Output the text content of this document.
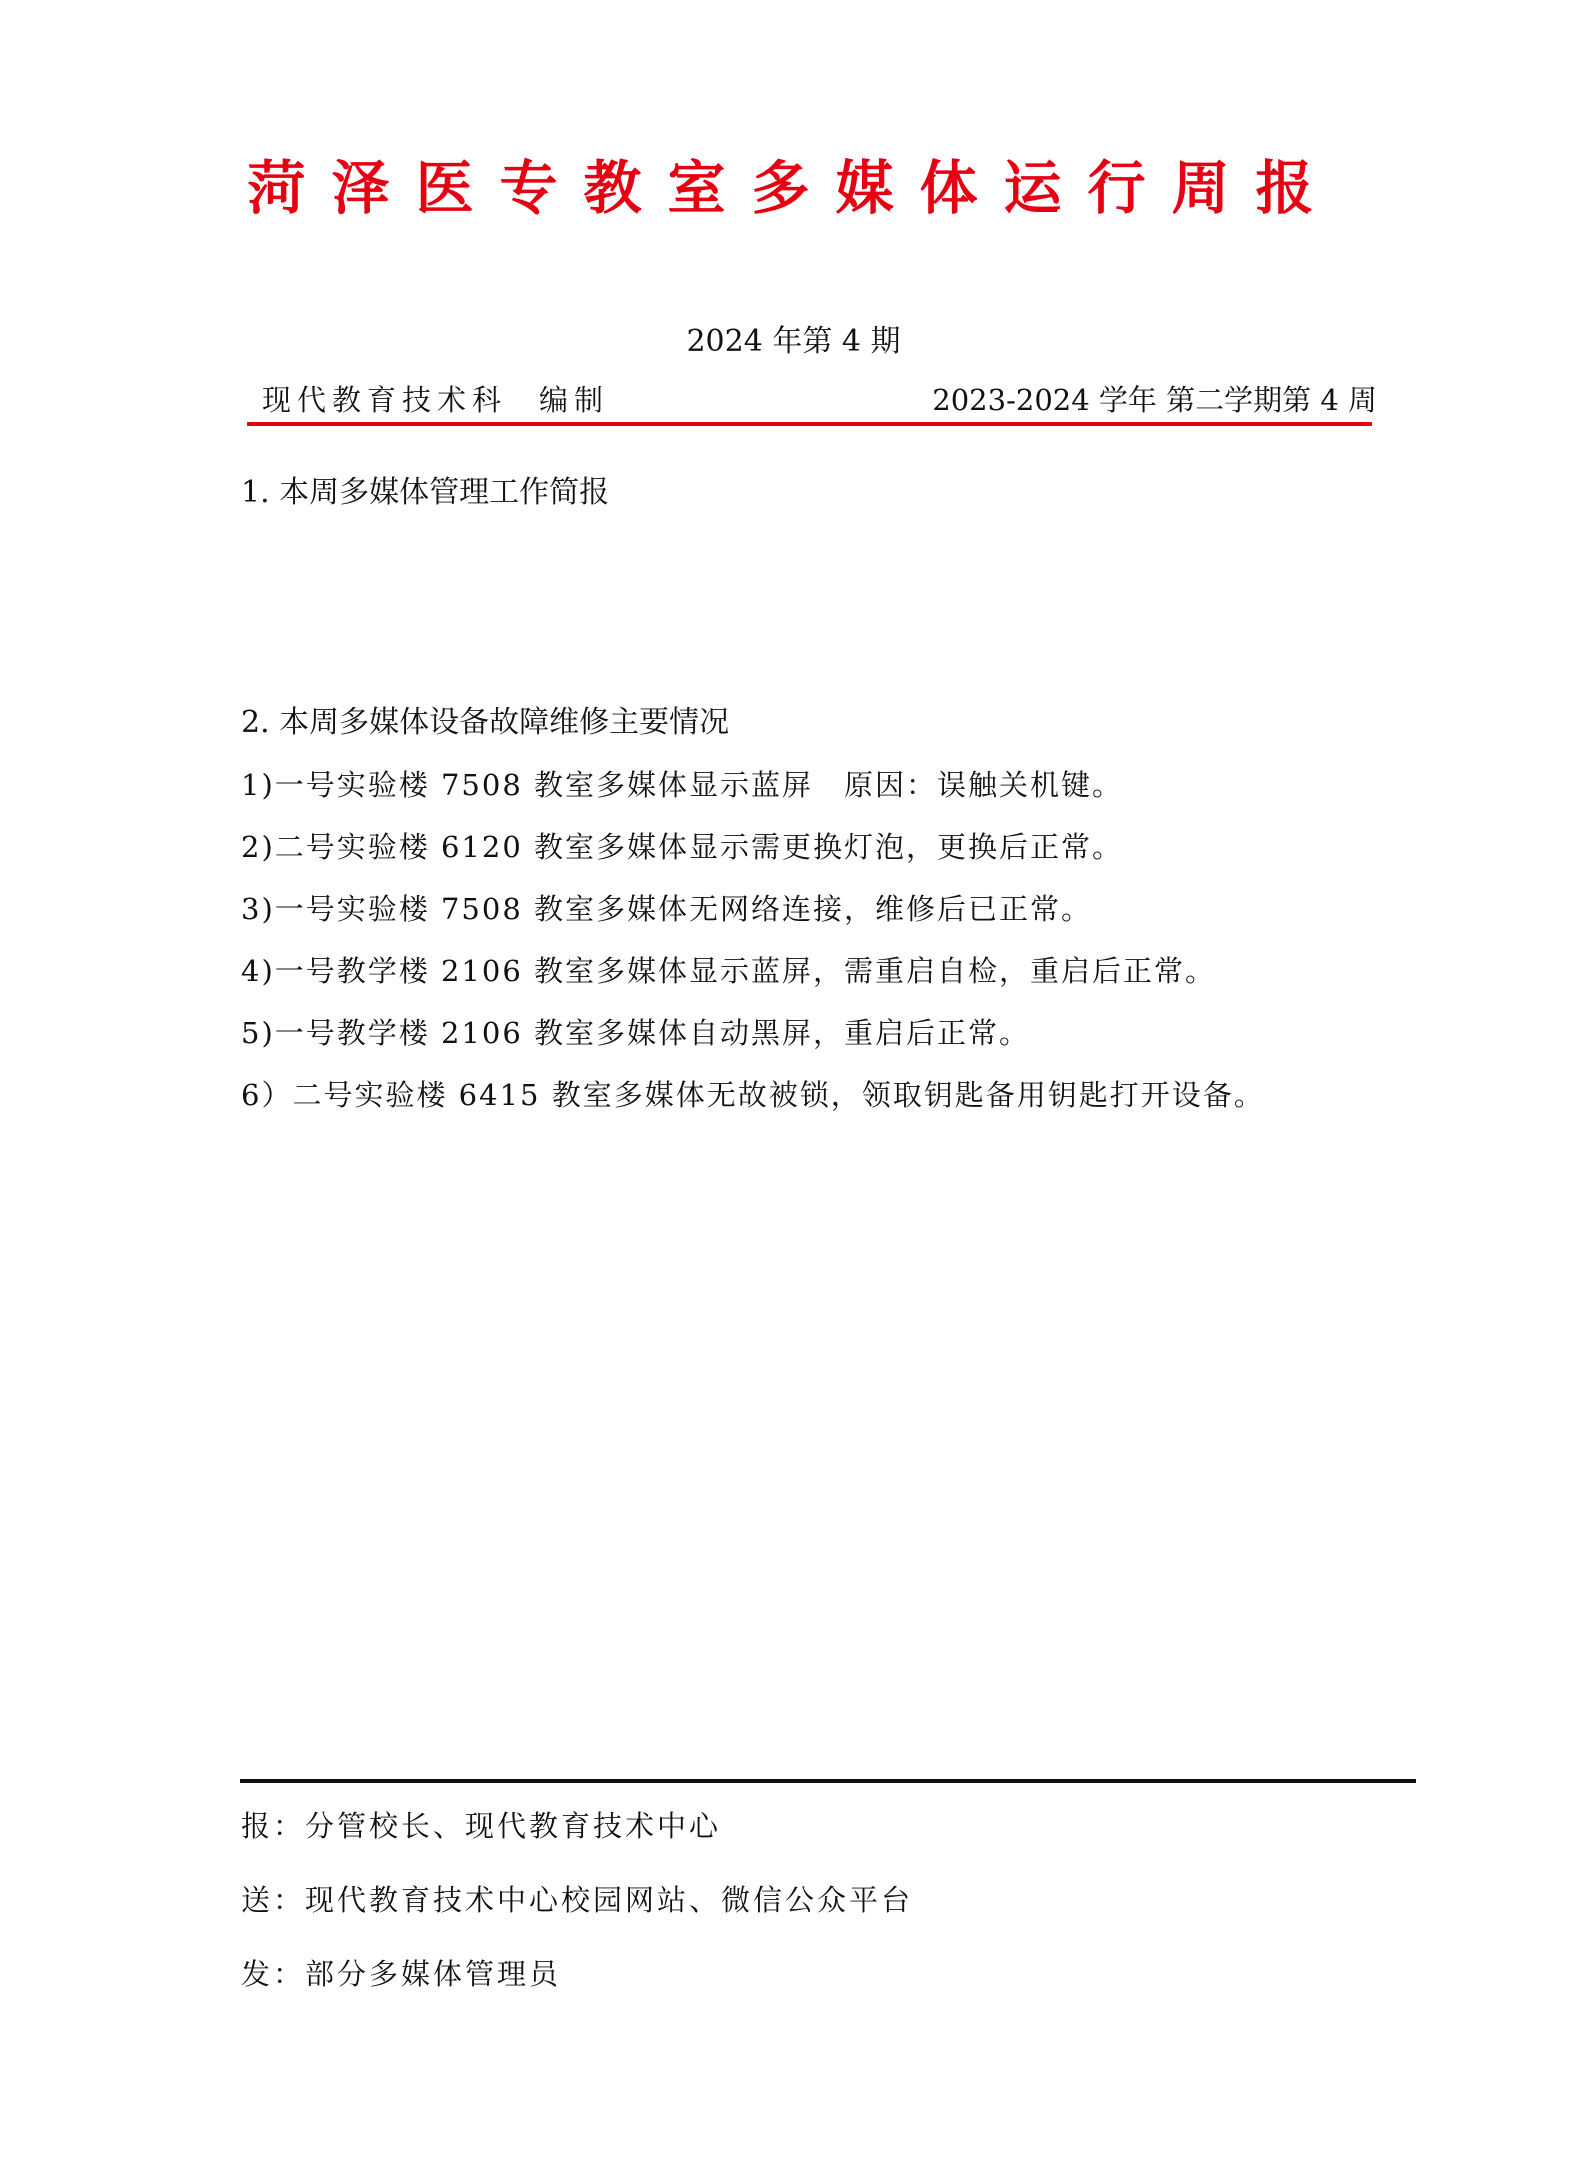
菏泽医专教室多媒体运行周报
2024 年第 4 期
现代教育技术科 编制	2023-2024 学年 第二学期第 4 周
1. 本周多媒体管理工作简报
2. 本周多媒体设备故障维修主要情况
1)一号实验楼 7508 教室多媒体显示蓝屏　原因：误触关机键。
2)二号实验楼 6120 教室多媒体显示需更换灯泡，更换后正常。
3)一号实验楼 7508 教室多媒体无网络连接，维修后已正常。
4)一号教学楼 2106 教室多媒体显示蓝屏，需重启自检，重启后正常。
5)一号教学楼 2106 教室多媒体自动黑屏，重启后正常。
6）二号实验楼 6415 教室多媒体无故被锁，领取钥匙备用钥匙打开设备。
报：分管校长、现代教育技术中心
送：现代教育技术中心校园网站、微信公众平台
发：部分多媒体管理员
